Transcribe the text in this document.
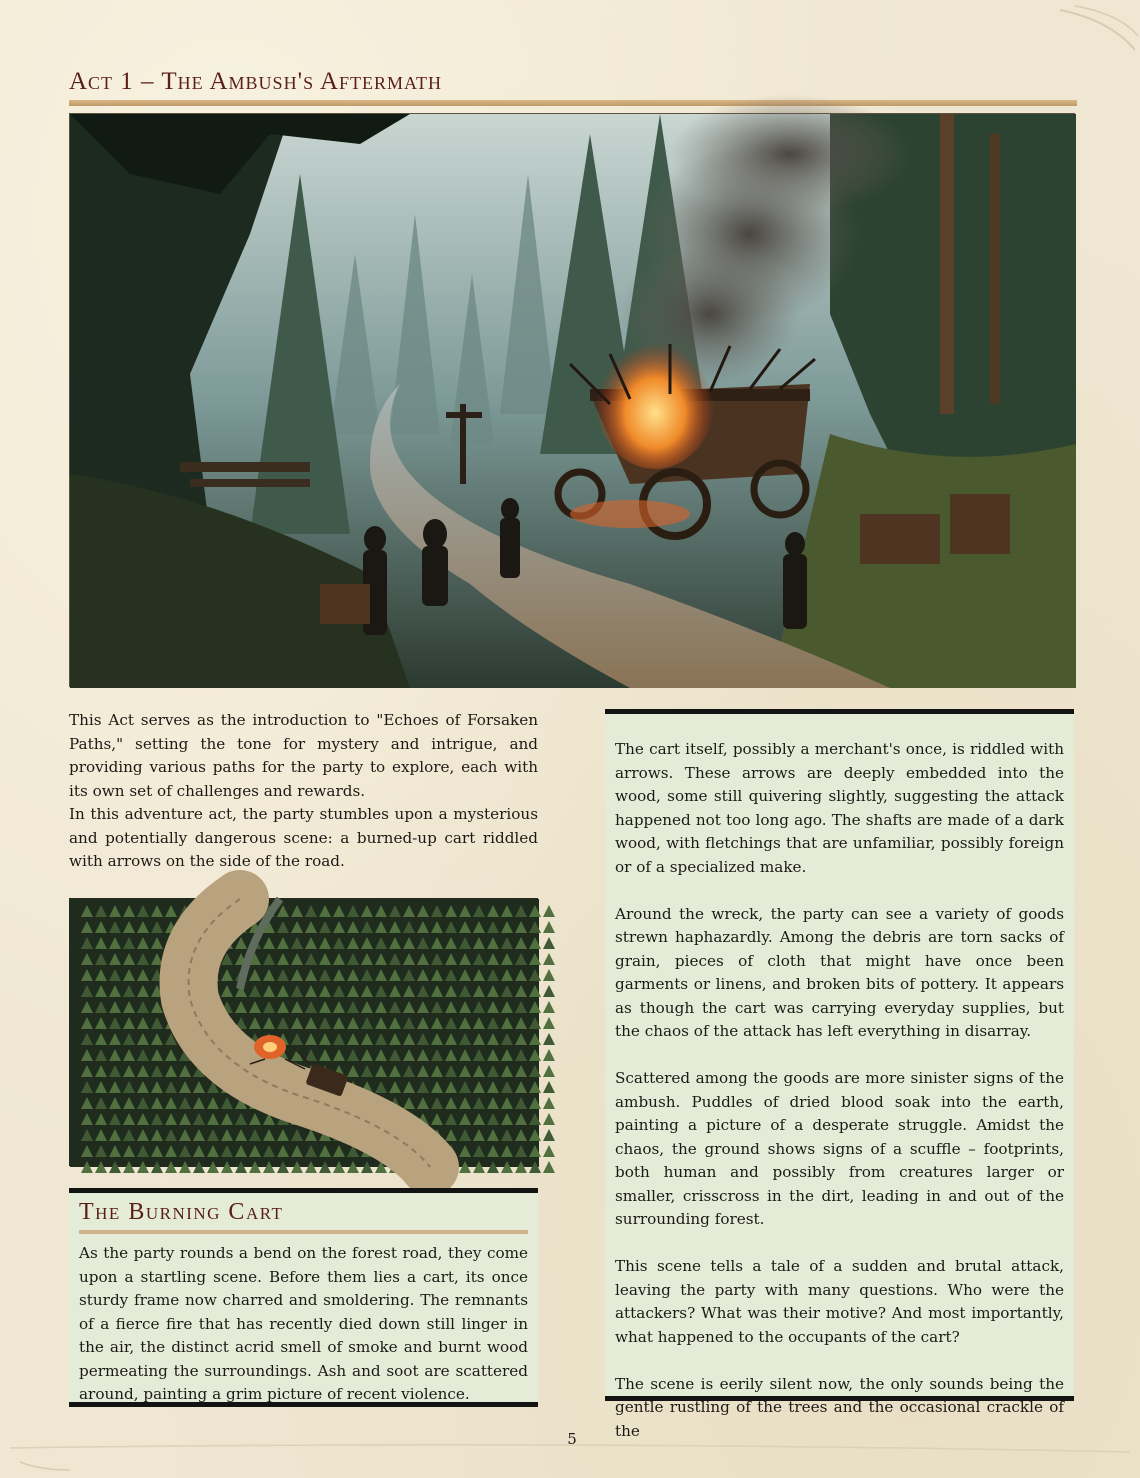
Act 1 – The Ambush's Aftermath

This Act serves as the introduction to "Echoes of Forsaken Paths," setting the tone for mystery and intrigue, and providing various paths for the party to explore, each with its own set of challenges and rewards.

In this adventure act, the party stumbles upon a mysterious and potentially dangerous scene: a burned-up cart riddled with arrows on the side of the road.

The Burning Cart

As the party rounds a bend on the forest road, they come upon a startling scene. Before them lies a cart, its once sturdy frame now charred and smoldering. The remnants of a fierce fire that has recently died down still linger in the air, the distinct acrid smell of smoke and burnt wood permeating the surroundings. Ash and soot are scattered around, painting a grim picture of recent violence.

The cart itself, possibly a merchant's once, is riddled with arrows. These arrows are deeply embedded into the wood, some still quivering slightly, suggesting the attack happened not too long ago. The shafts are made of a dark wood, with fletchings that are unfamiliar, possibly foreign or of a specialized make.

Around the wreck, the party can see a variety of goods strewn haphazardly. Among the debris are torn sacks of grain, pieces of cloth that might have once been garments or linens, and broken bits of pottery. It appears as though the cart was carrying everyday supplies, but the chaos of the attack has left everything in disarray.

Scattered among the goods are more sinister signs of the ambush. Puddles of dried blood soak into the earth, painting a picture of a desperate struggle. Amidst the chaos, the ground shows signs of a scuffle – footprints, both human and possibly from creatures larger or smaller, crisscross in the dirt, leading in and out of the surrounding forest.

This scene tells a tale of a sudden and brutal attack, leaving the party with many questions. Who were the attackers? What was their motive? And most importantly, what happened to the occupants of the cart?

The scene is eerily silent now, the only sounds being the gentle rustling of the trees and the occasional crackle of the

5
